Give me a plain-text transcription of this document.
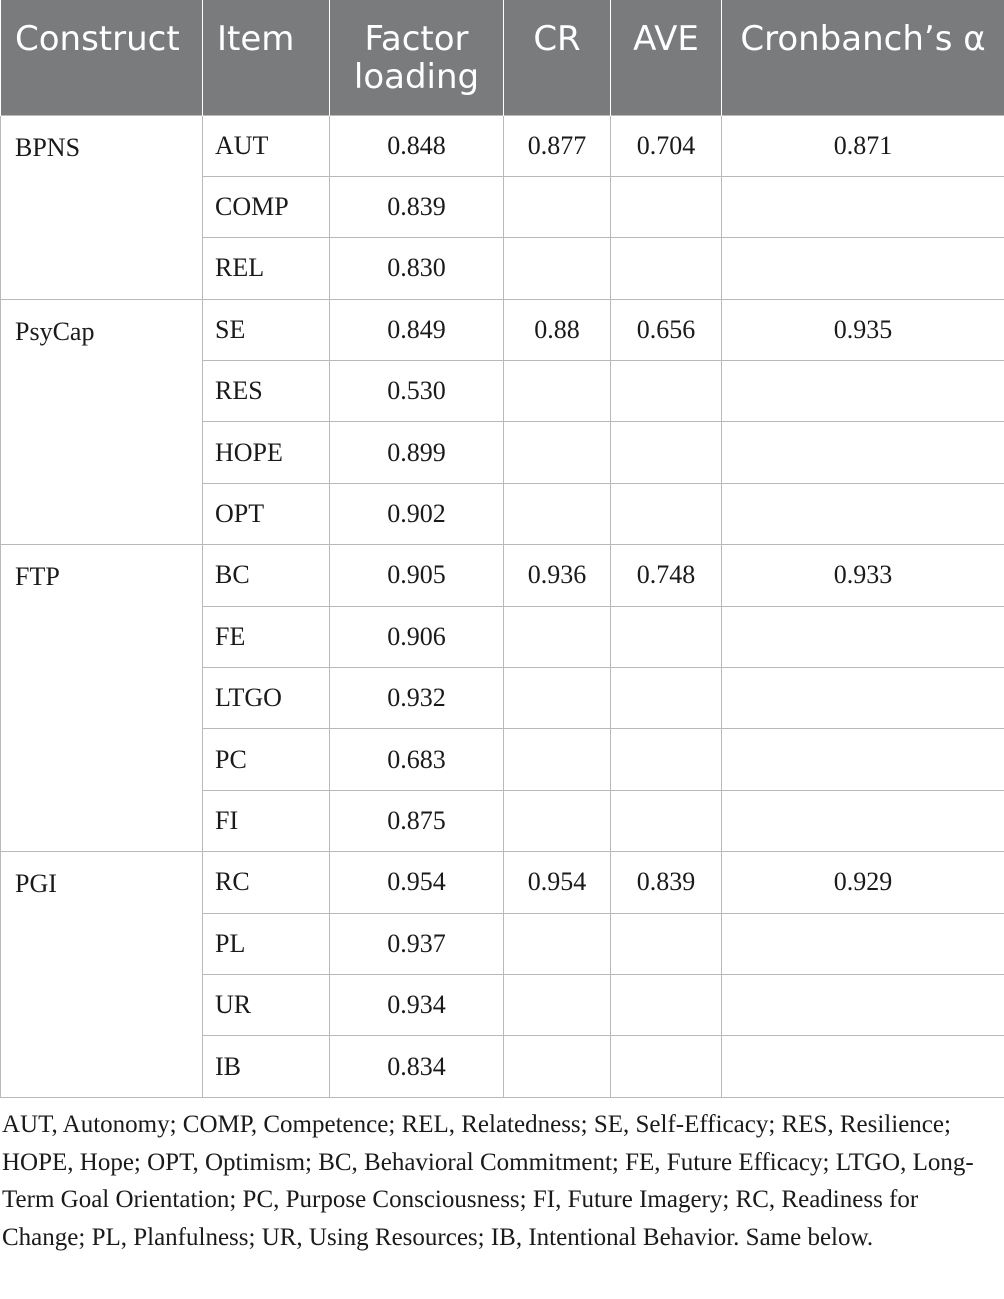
Construct	Item	Factor loading	CR	AVE	Cronbanch’s α
BPNS	AUT	0.848	0.877	0.704	0.871
	COMP	0.839			
	REL	0.830			
PsyCap	SE	0.849	0.88	0.656	0.935
	RES	0.530			
	HOPE	0.899			
	OPT	0.902			
FTP	BC	0.905	0.936	0.748	0.933
	FE	0.906			
	LTGO	0.932			
	PC	0.683			
	FI	0.875			
PGI	RC	0.954	0.954	0.839	0.929
	PL	0.937			
	UR	0.934			
	IB	0.834			

AUT, Autonomy; COMP, Competence; REL, Relatedness; SE, Self-Efficacy; RES, Resilience; HOPE, Hope; OPT, Optimism; BC, Behavioral Commitment; FE, Future Efficacy; LTGO, Long-Term Goal Orientation; PC, Purpose Consciousness; FI, Future Imagery; RC, Readiness for Change; PL, Planfulness; UR, Using Resources; IB, Intentional Behavior. Same below.
